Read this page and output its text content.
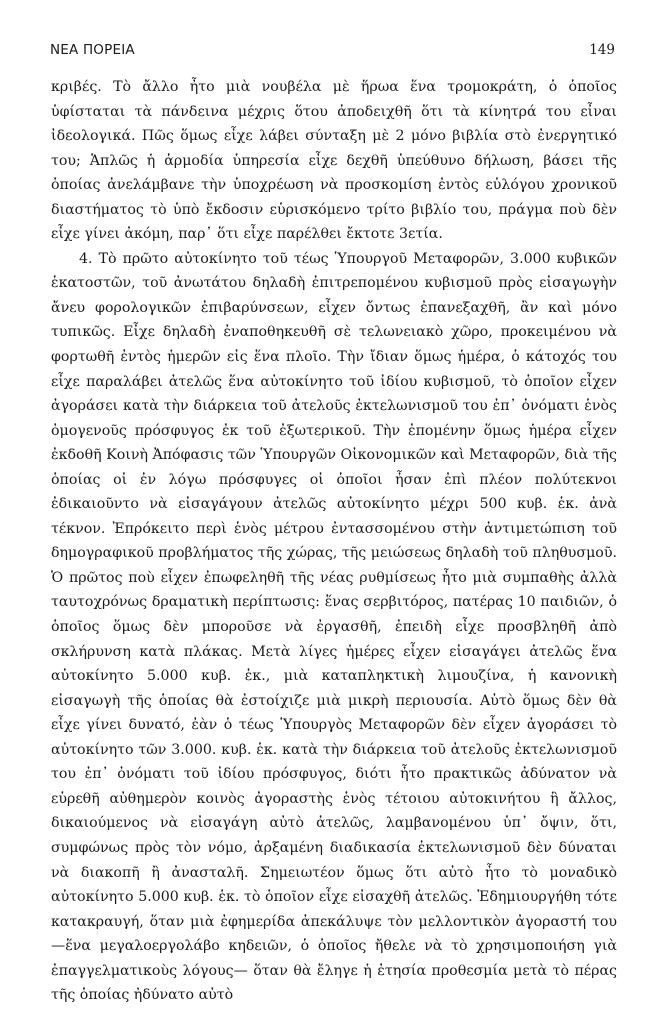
ΝΕΑ ΠΟΡΕΙΑ	149

κριβές. Τὸ ἄλλο ἦτο μιὰ νουβέλα μὲ ἥρωα ἕνα τρομοκράτη, ὁ ὁποῖος ὑφίσταται τὰ πάνδεινα μέχρις ὅτου ἀποδειχθῆ ὅτι τὰ κίνητρά του εἶναι ἰδεολογικά. Πῶς ὅμως εἶχε λάβει σύνταξη μὲ 2 μόνο βιβλία στὸ ἐνεργητικό του; Ἁπλῶς ἡ ἁρμοδία ὑπηρεσία εἶχε δεχθῆ ὑπεύθυνο δήλωση, βάσει τῆς ὁποίας ἀνελάμβανε τὴν ὑποχρέωση νὰ προσκομίση ἐντὸς εὐλόγου χρονικοῦ διαστήματος τὸ ὑπὸ ἔκδοσιν εὑρισκόμενο τρίτο βιβλίο του, πράγμα ποὺ δὲν εἶχε γίνει ἀκόμη, παρ᾿ ὅτι εἶχε παρέλθει ἔκτοτε 3ετία.

4. Τὸ πρῶτο αὐτοκίνητο τοῦ τέως Ὑπουργοῦ Μεταφορῶν, 3.000 κυβικῶν ἑκατοστῶν, τοῦ ἀνωτάτου δηλαδὴ ἐπιτρεπομένου κυβισμοῦ πρὸς εἰσαγωγὴν ἄνευ φορολογικῶν ἐπιβαρύνσεων, εἶχεν ὄντως ἐπανεξαχθῆ, ἂν καὶ μόνο τυπικῶς. Εἶχε δηλαδὴ ἐναποθηκευθῆ σὲ τελωνειακὸ χῶρο, προκειμένου νὰ φορτωθῆ ἐντὸς ἡμερῶν εἰς ἕνα πλοῖο. Τὴν ἴδιαν ὅμως ἡμέρα, ὁ κάτοχός του εἶχε παραλάβει ἀτελῶς ἕνα αὐτοκίνητο τοῦ ἰδίου κυβισμοῦ, τὸ ὁποῖον εἶχεν ἀγοράσει κατὰ τὴν διάρκεια τοῦ ἀτελοῦς ἐκτελωνισμοῦ του ἐπ᾿ ὀνόματι ἑνὸς ὁμογενοῦς πρόσφυγος ἐκ τοῦ ἐξωτερικοῦ. Τὴν ἐπομένην ὅμως ἡμέρα εἶχεν ἐκδοθῆ Κοινὴ Ἀπόφασις τῶν Ὑπουργῶν Οἰκονομικῶν καὶ Μεταφορῶν, διὰ τῆς ὁποίας οἱ ἐν λόγω πρόσφυγες οἱ ὁποῖοι ἦσαν ἐπὶ πλέον πολύτεκνοι ἐδικαιοῦντο νὰ εἰσαγάγουν ἀτελῶς αὐτοκίνητο μέχρι 500 κυβ. ἑκ. ἀνὰ τέκνον. Ἐπρόκειτο περὶ ἑνὸς μέτρου ἐντασσομένου στὴν ἀντιμετώπιση τοῦ δημογραφικοῦ προβλήματος τῆς χώρας, τῆς μειώσεως δηλαδὴ τοῦ πληθυσμοῦ. Ὁ πρῶτος ποὺ εἶχεν ἐπωφεληθῆ τῆς νέας ρυθμίσεως ἦτο μιὰ συμπαθὴς ἀλλὰ ταυτοχρόνως δραματικὴ περίπτωσις: ἕνας σερβιτόρος, πατέρας 10 παιδιῶν, ὁ ὁποῖος ὅμως δὲν μποροῦσε νὰ ἐργασθῆ, ἐπειδὴ εἶχε προσβληθῆ ἀπὸ σκλήρυνση κατὰ πλάκας. Μετὰ λίγες ἡμέρες εἶχεν εἰσαγάγει ἀτελῶς ἕνα αὐτοκίνητο 5.000 κυβ. ἑκ., μιὰ καταπληκτικὴ λιμουζίνα, ἡ κανονικὴ εἰσαγωγὴ τῆς ὁποίας θὰ ἐστοίχιζε μιὰ μικρὴ περιουσία. Αὐτὸ ὅμως δὲν θὰ εἶχε γίνει δυνατό, ἐὰν ὁ τέως Ὑπουργὸς Μεταφορῶν δὲν εἶχεν ἀγοράσει τὸ αὐτοκίνητο τῶν 3.000. κυβ. ἑκ. κατὰ τὴν διάρκεια τοῦ ἀτελοῦς ἐκτελωνισμοῦ του ἐπ᾿ ὀνόματι τοῦ ἰδίου πρόσφυγος, διότι ἦτο πρακτικῶς ἀδύνατον νὰ εὑρεθῆ αὐθημερὸν κοινὸς ἀγοραστὴς ἑνὸς τέτοιου αὐτοκινήτου ἢ ἄλλος, δικαιούμενος νὰ εἰσαγάγη αὐτὸ ἀτελῶς, λαμβανομένου ὑπ᾿ ὄψιν, ὅτι, συμφώνως πρὸς τὸν νόμο, ἀρξαμένη διαδικασία ἐκτελωνισμοῦ δὲν δύναται νὰ διακοπῆ ἢ ἀνασταλῆ. Σημειωτέον ὅμως ὅτι αὐτὸ ἦτο τὸ μοναδικὸ αὐτοκίνητο 5.000 κυβ. ἑκ. τὸ ὁποῖον εἶχε εἰσαχθῆ ἀτελῶς. Ἐδημιουργήθη τότε κατακραυγή, ὅταν μιὰ ἐφημερίδα ἀπεκάλυψε τὸν μελλοντικὸν ἀγοραστή του —ἕνα μεγαλοεργολάβο κηδειῶν, ὁ ὁποῖος ἤθελε νὰ τὸ χρησιμοποιήση γιὰ ἐπαγγελματικοὺς λόγους— ὅταν θὰ ἔληγε ἡ ἐτησία προθεσμία μετὰ τὸ πέρας τῆς ὁποίας ἠδύνατο αὐτὸ
